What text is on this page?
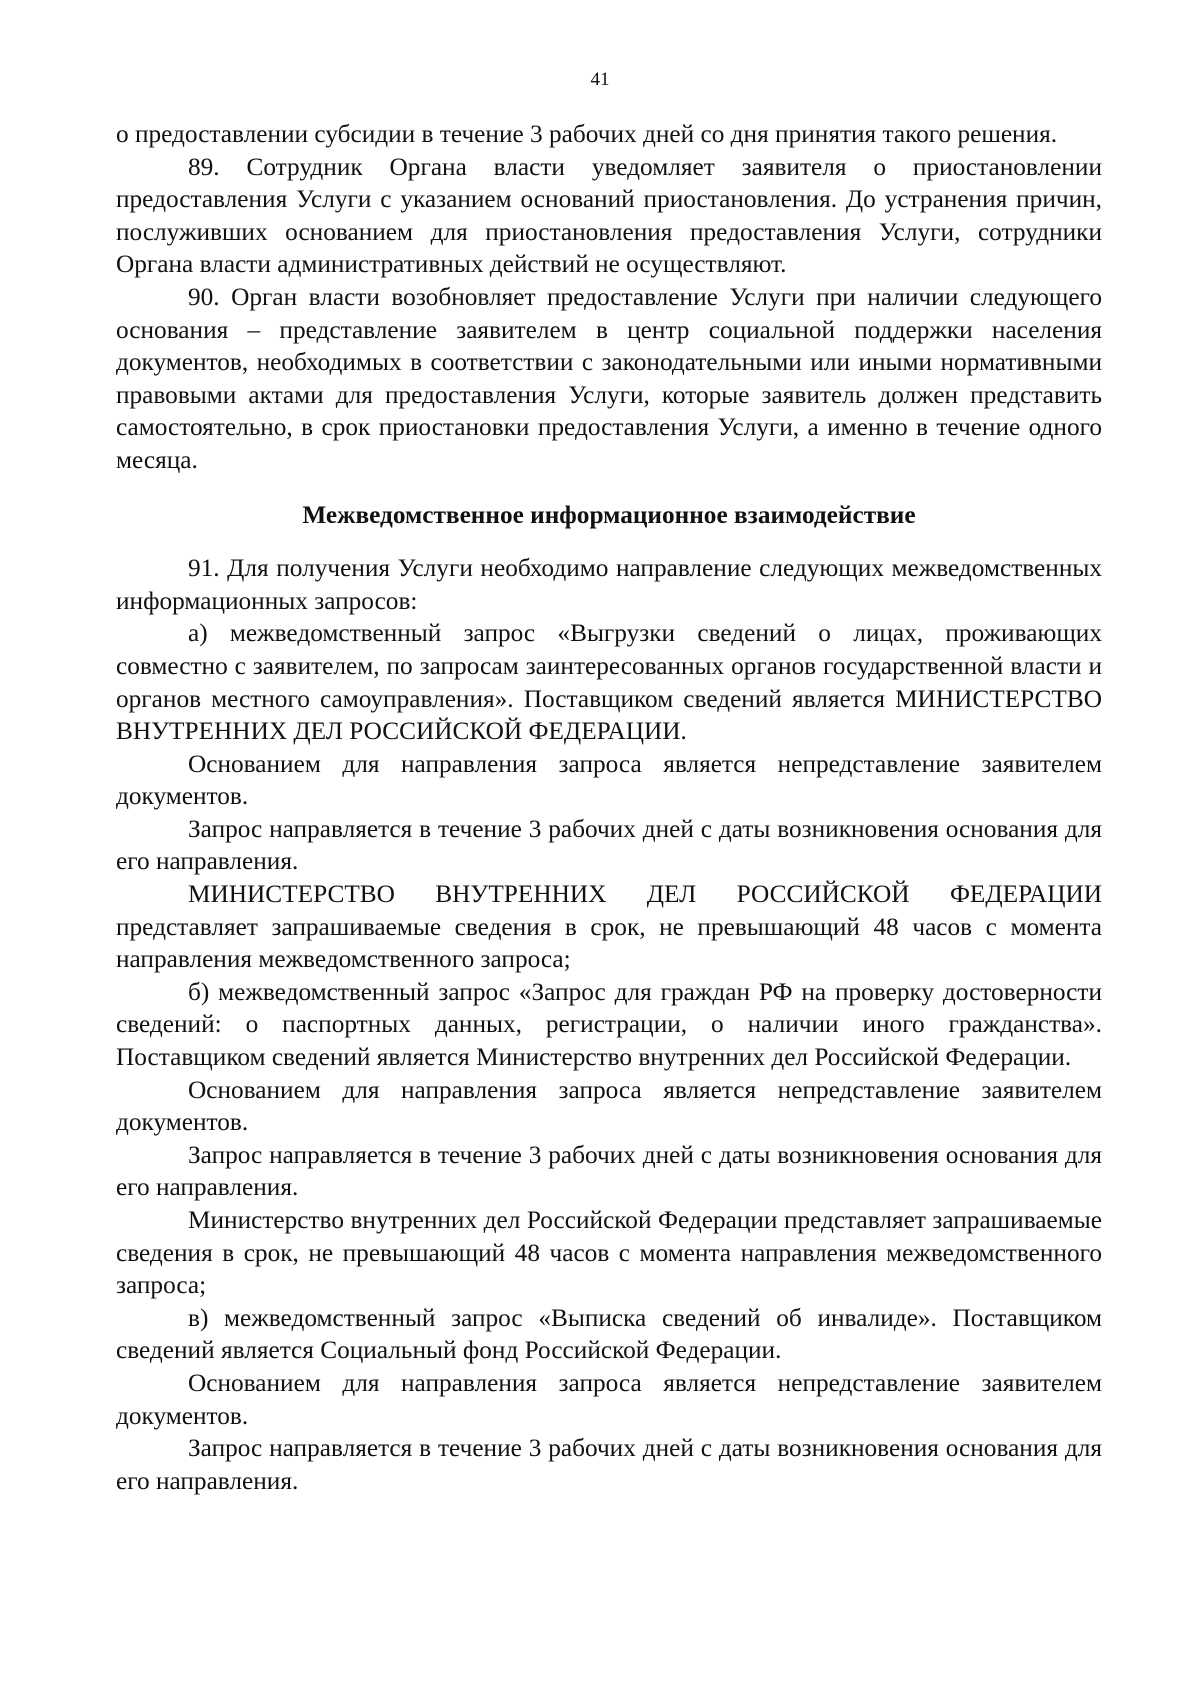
41

о предоставлении субсидии в течение 3 рабочих дней со дня принятия такого решения.

89. Сотрудник Органа власти уведомляет заявителя о приостановлении предоставления Услуги с указанием оснований приостановления. До устранения причин, послуживших основанием для приостановления предоставления Услуги, сотрудники Органа власти административных действий не осуществляют.

90. Орган власти возобновляет предоставление Услуги при наличии следующего основания – представление заявителем в центр социальной поддержки населения документов, необходимых в соответствии с законодательными или иными нормативными правовыми актами для предоставления Услуги, которые заявитель должен представить самостоятельно, в срок приостановки предоставления Услуги, а именно в течение одного месяца.

Межведомственное информационное взаимодействие

91. Для получения Услуги необходимо направление следующих межведомственных информационных запросов:

а) межведомственный запрос «Выгрузки сведений о лицах, проживающих совместно с заявителем, по запросам заинтересованных органов государственной власти и органов местного самоуправления». Поставщиком сведений является МИНИСТЕРСТВО ВНУТРЕННИХ ДЕЛ РОССИЙСКОЙ ФЕДЕРАЦИИ.

Основанием для направления запроса является непредставление заявителем документов.

Запрос направляется в течение 3 рабочих дней с даты возникновения основания для его направления.

МИНИСТЕРСТВО ВНУТРЕННИХ ДЕЛ РОССИЙСКОЙ ФЕДЕРАЦИИ представляет запрашиваемые сведения в срок, не превышающий 48 часов с момента направления межведомственного запроса;

б) межведомственный запрос «Запрос для граждан РФ на проверку достоверности сведений: о паспортных данных, регистрации, о наличии иного гражданства». Поставщиком сведений является Министерство внутренних дел Российской Федерации.

Основанием для направления запроса является непредставление заявителем документов.

Запрос направляется в течение 3 рабочих дней с даты возникновения основания для его направления.

Министерство внутренних дел Российской Федерации представляет запрашиваемые сведения в срок, не превышающий 48 часов с момента направления межведомственного запроса;

в) межведомственный запрос «Выписка сведений об инвалиде». Поставщиком сведений является Социальный фонд Российской Федерации.

Основанием для направления запроса является непредставление заявителем документов.

Запрос направляется в течение 3 рабочих дней с даты возникновения основания для его направления.
